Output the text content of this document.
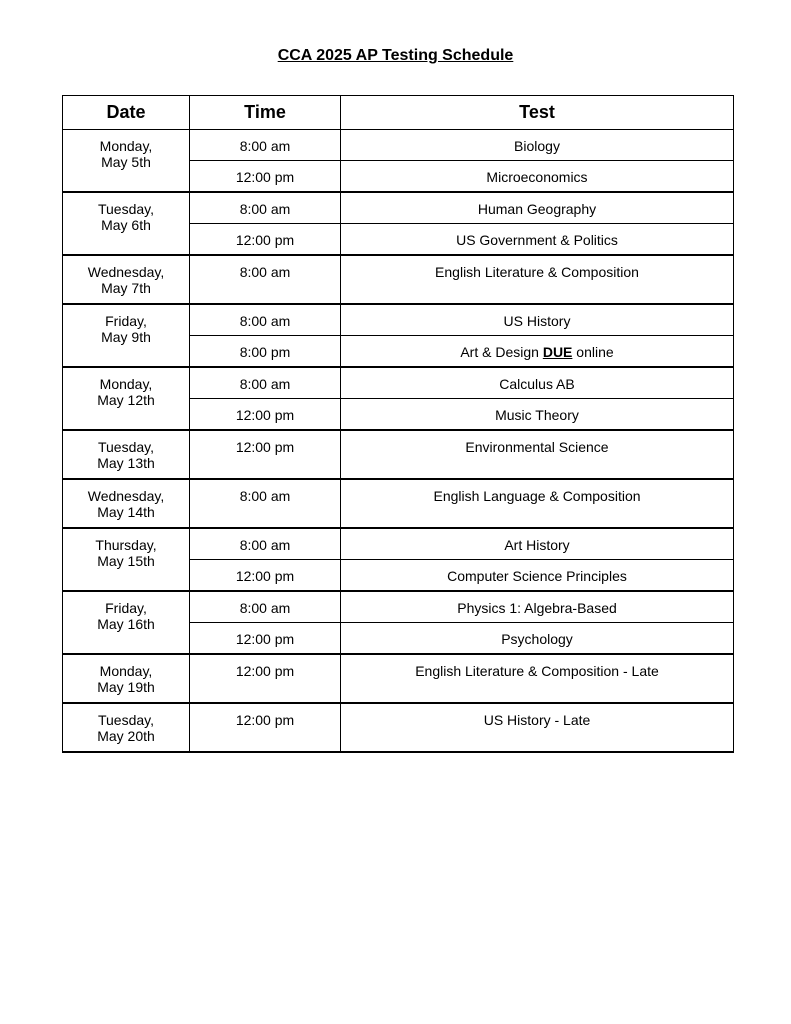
CCA 2025 AP Testing Schedule
Date	Time	Test
Monday,
May 5th	8:00 am	Biology
	12:00 pm	Microeconomics
Tuesday,
May 6th	8:00 am	Human Geography
	12:00 pm	US Government & Politics
Wednesday,
May 7th	8:00 am	English Literature & Composition
Friday,
May 9th	8:00 am	US History
	8:00 pm	Art & Design DUE online
Monday,
May 12th	8:00 am	Calculus AB
	12:00 pm	Music Theory
Tuesday,
May 13th	12:00 pm	Environmental Science
Wednesday,
May 14th	8:00 am	English Language & Composition
Thursday,
May 15th	8:00 am	Art History
	12:00 pm	Computer Science Principles
Friday,
May 16th	8:00 am	Physics 1: Algebra-Based
	12:00 pm	Psychology
Monday,
May 19th	12:00 pm	English Literature & Composition - Late
Tuesday,
May 20th	12:00 pm	US History - Late
